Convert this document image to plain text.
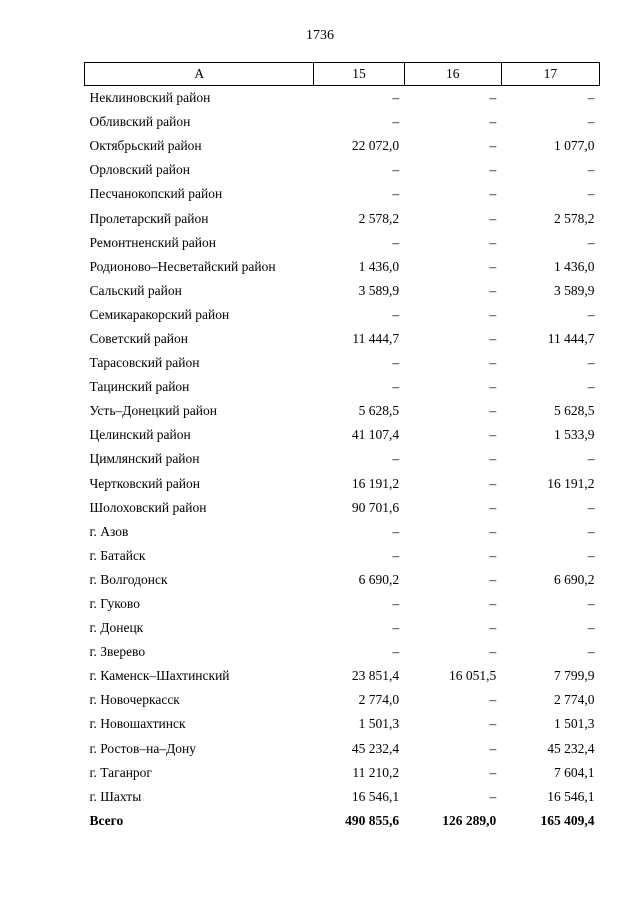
1736
А	15	16	17
Неклиновский район	–	–	–
Обливский район	–	–	–
Октябрьский район	22 072,0	–	1 077,0
Орловский район	–	–	–
Песчанокопский район	–	–	–
Пролетарский район	2 578,2	–	2 578,2
Ремонтненский район	–	–	–
Родионово–Несветайский район	1 436,0	–	1 436,0
Сальский район	3 589,9	–	3 589,9
Семикаракорский район	–	–	–
Советский район	11 444,7	–	11 444,7
Тарасовский район	–	–	–
Тацинский район	–	–	–
Усть–Донецкий район	5 628,5	–	5 628,5
Целинский район	41 107,4	–	1 533,9
Цимлянский район	–	–	–
Чертковский район	16 191,2	–	16 191,2
Шолоховский район	90 701,6	–	–
г. Азов	–	–	–
г. Батайск	–	–	–
г. Волгодонск	6 690,2	–	6 690,2
г. Гуково	–	–	–
г. Донецк	–	–	–
г. Зверево	–	–	–
г. Каменск–Шахтинский	23 851,4	16 051,5	7 799,9
г. Новочеркасск	2 774,0	–	2 774,0
г. Новошахтинск	1 501,3	–	1 501,3
г. Ростов–на–Дону	45 232,4	–	45 232,4
г. Таганрог	11 210,2	–	7 604,1
г. Шахты	16 546,1	–	16 546,1
Всего	490 855,6	126 289,0	165 409,4
